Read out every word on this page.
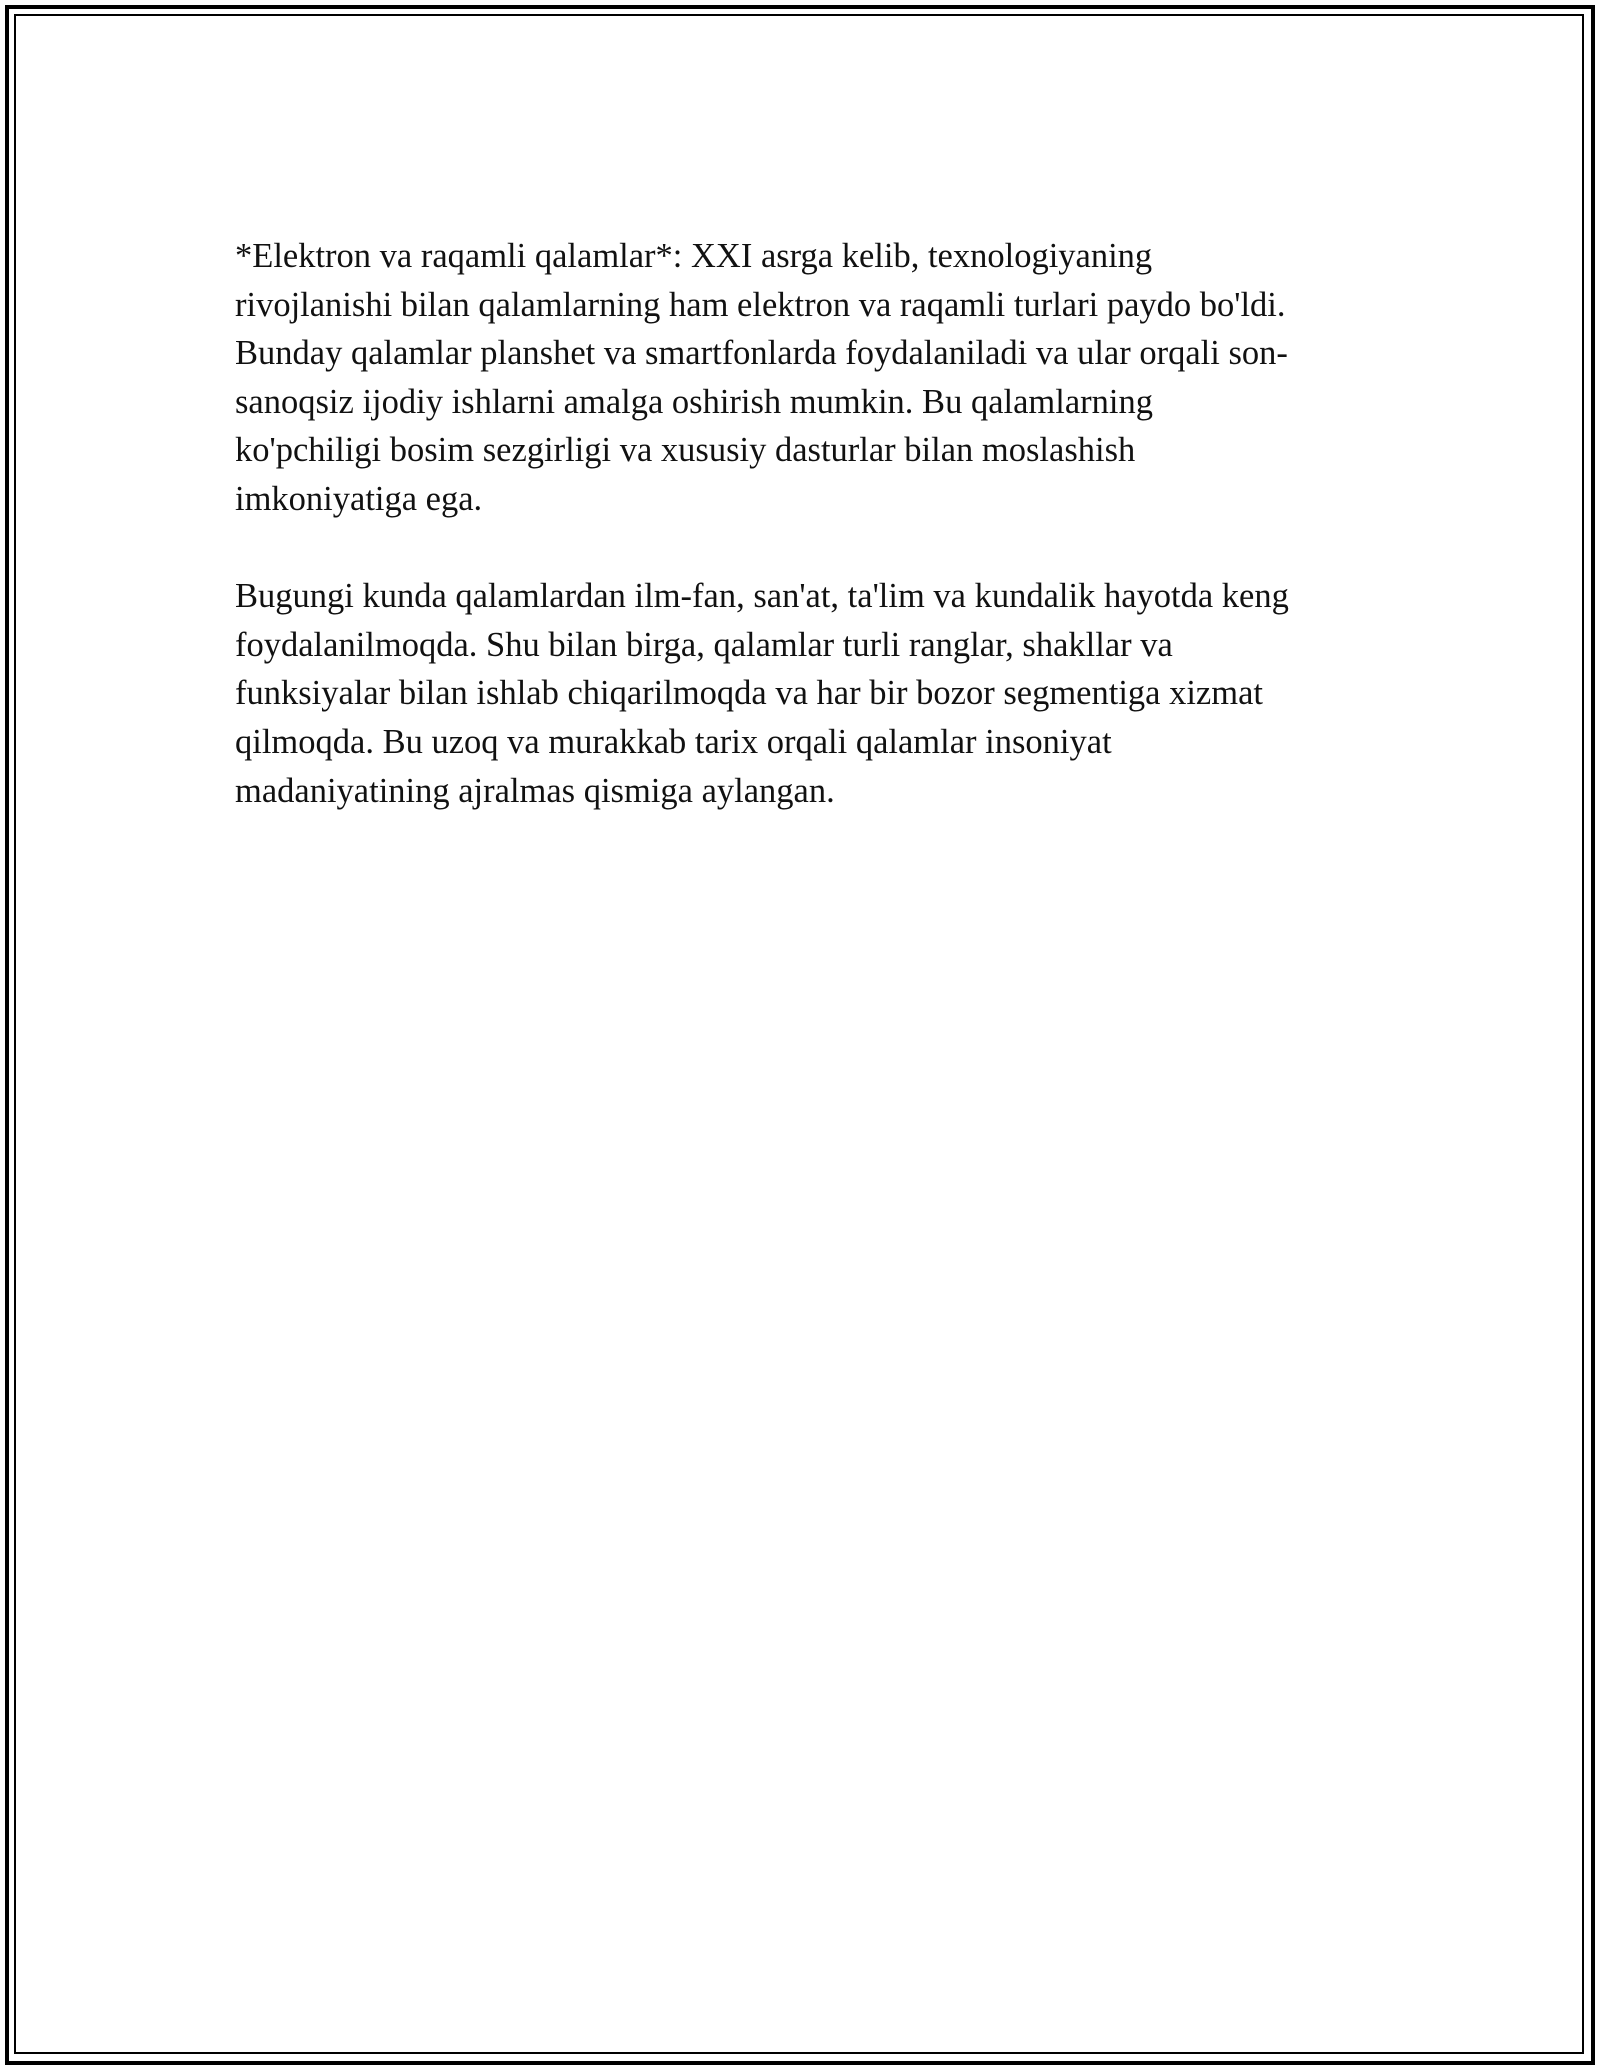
*Elektron va raqamli qalamlar*: XXI asrga kelib, texnologiyaning
rivojlanishi bilan qalamlarning ham elektron va raqamli turlari paydo bo'ldi.
Bunday qalamlar planshet va smartfonlarda foydalaniladi va ular orqali son-
sanoqsiz ijodiy ishlarni amalga oshirish mumkin. Bu qalamlarning
ko'pchiligi bosim sezgirligi va xususiy dasturlar bilan moslashish
imkoniyatiga ega.

Bugungi kunda qalamlardan ilm-fan, san'at, ta'lim va kundalik hayotda keng
foydalanilmoqda. Shu bilan birga, qalamlar turli ranglar, shakllar va
funksiyalar bilan ishlab chiqarilmoqda va har bir bozor segmentiga xizmat
qilmoqda. Bu uzoq va murakkab tarix orqali qalamlar insoniyat
madaniyatining ajralmas qismiga aylangan.
